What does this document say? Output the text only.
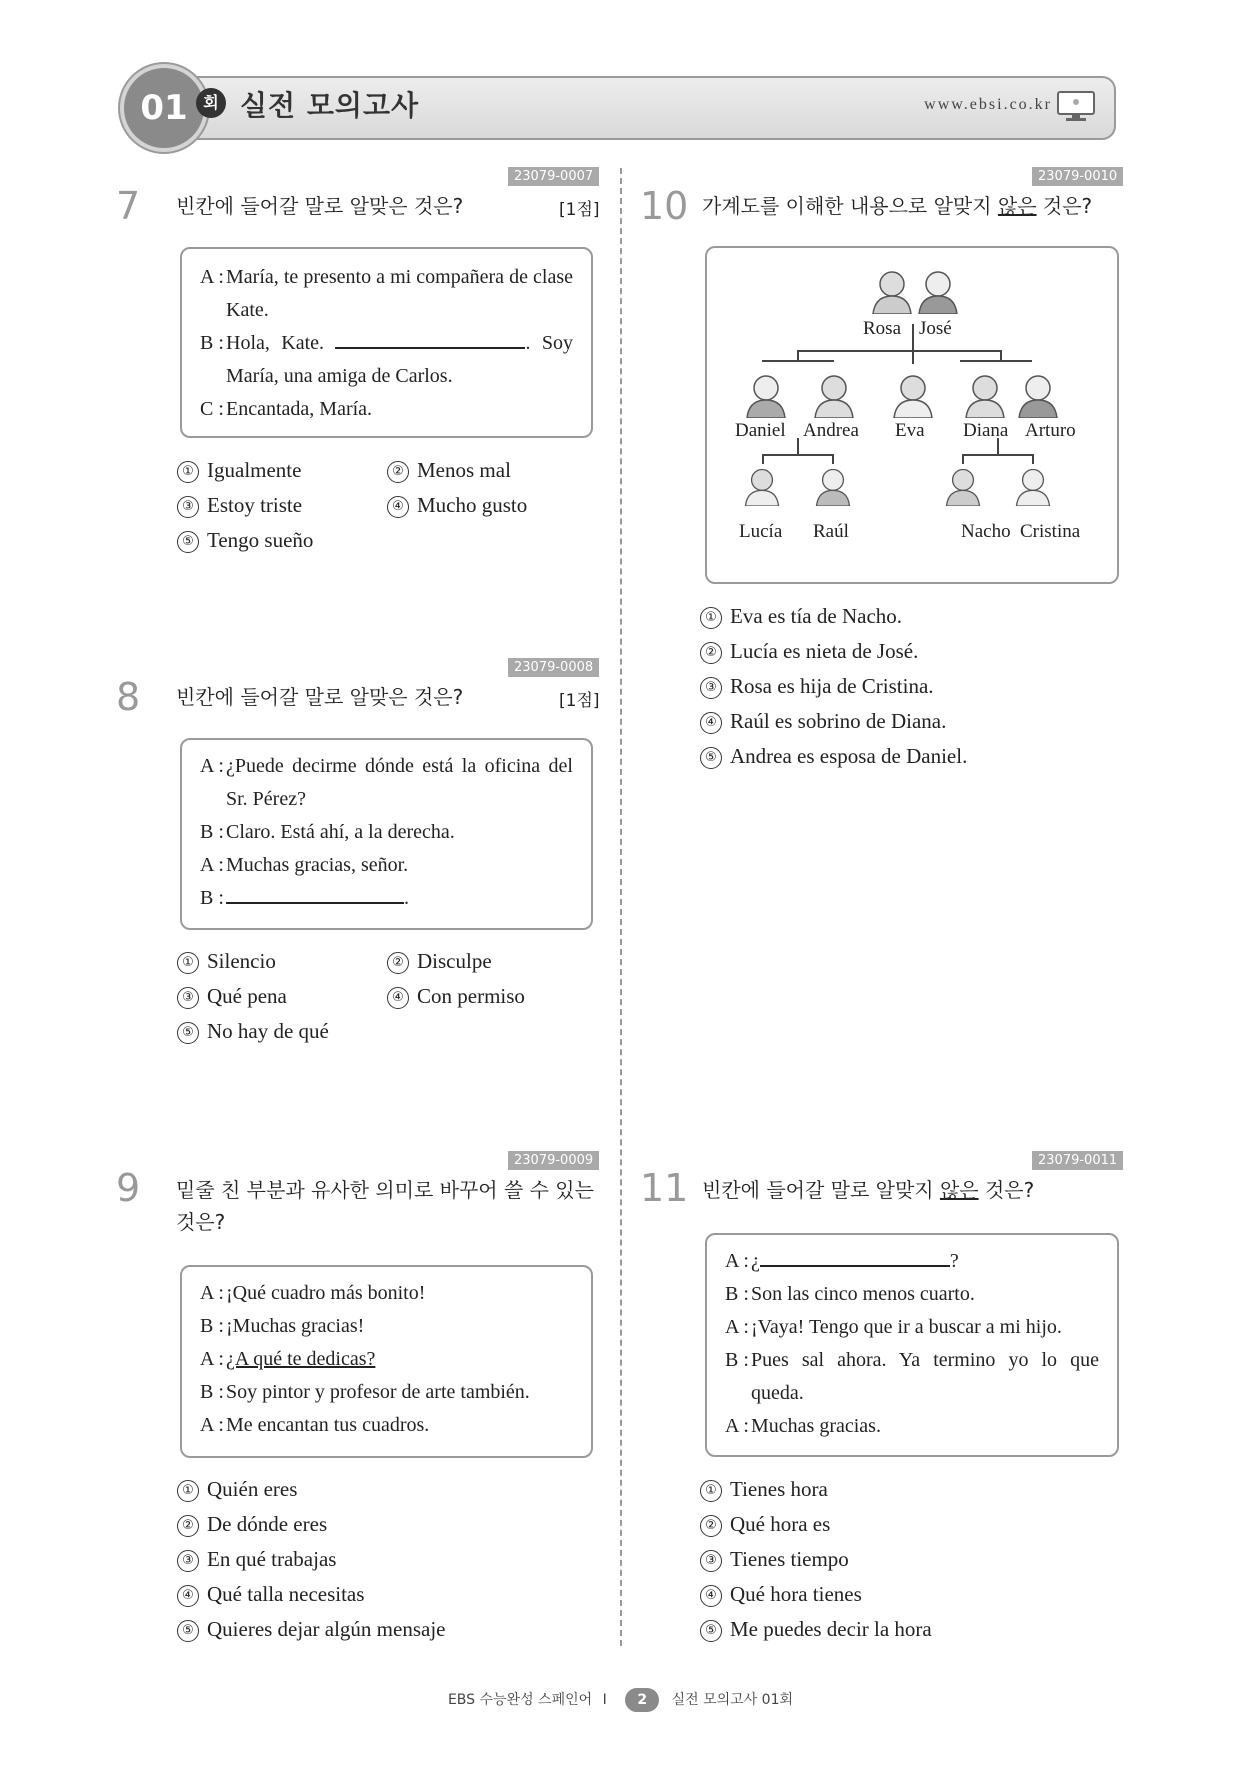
01 회 실전 모의고사	www.ebsi.co.kr
23079-0007
7 빈칸에 들어갈 말로 알맞은 것은?	[1점]
A : María, te presento a mi compañera de clase Kate.
B : Hola, Kate.	. Soy María, una amiga de Carlos.
C : Encantada, María.
① Igualmente	② Menos mal
③ Estoy triste	④ Mucho gusto
⑤ Tengo sueño
23079-0008
8 빈칸에 들어갈 말로 알맞은 것은?	[1점]
A : ¿Puede decirme dónde está la oficina del Sr. Pérez?
B : Claro. Está ahí, a la derecha.
A : Muchas gracias, señor.
B :	.
① Silencio	② Disculpe
③ Qué pena	④ Con permiso
⑤ No hay de qué
23079-0009
9 밑줄 친 부분과 유사한 의미로 바꾸어 쓸 수 있는 것은?
A : ¡Qué cuadro más bonito!
B : ¡Muchas gracias!
A : ¿A qué te dedicas?
B : Soy pintor y profesor de arte también.
A : Me encantan tus cuadros.
① Quién eres
② De dónde eres
③ En qué trabajas
④ Qué talla necesitas
⑤ Quieres dejar algún mensaje
23079-0010
10 가계도를 이해한 내용으로 알맞지 않은 것은?
Rosa José
Daniel Andrea Eva Diana Arturo
Lucía Raúl	Nacho Cristina
① Eva es tía de Nacho.
② Lucía es nieta de José.
③ Rosa es hija de Cristina.
④ Raúl es sobrino de Diana.
⑤ Andrea es esposa de Daniel.
23079-0011
11 빈칸에 들어갈 말로 알맞지 않은 것은?
A : ¿	?
B : Son las cinco menos cuarto.
A : ¡Vaya! Tengo que ir a buscar a mi hijo.
B : Pues sal ahora. Ya termino yo lo que queda.
A : Muchas gracias.
① Tienes hora
② Qué hora es
③ Tienes tiempo
④ Qué hora tienes
⑤ Me puedes decir la hora
EBS 수능완성 스페인어 I 2 실전 모의고사 01회
